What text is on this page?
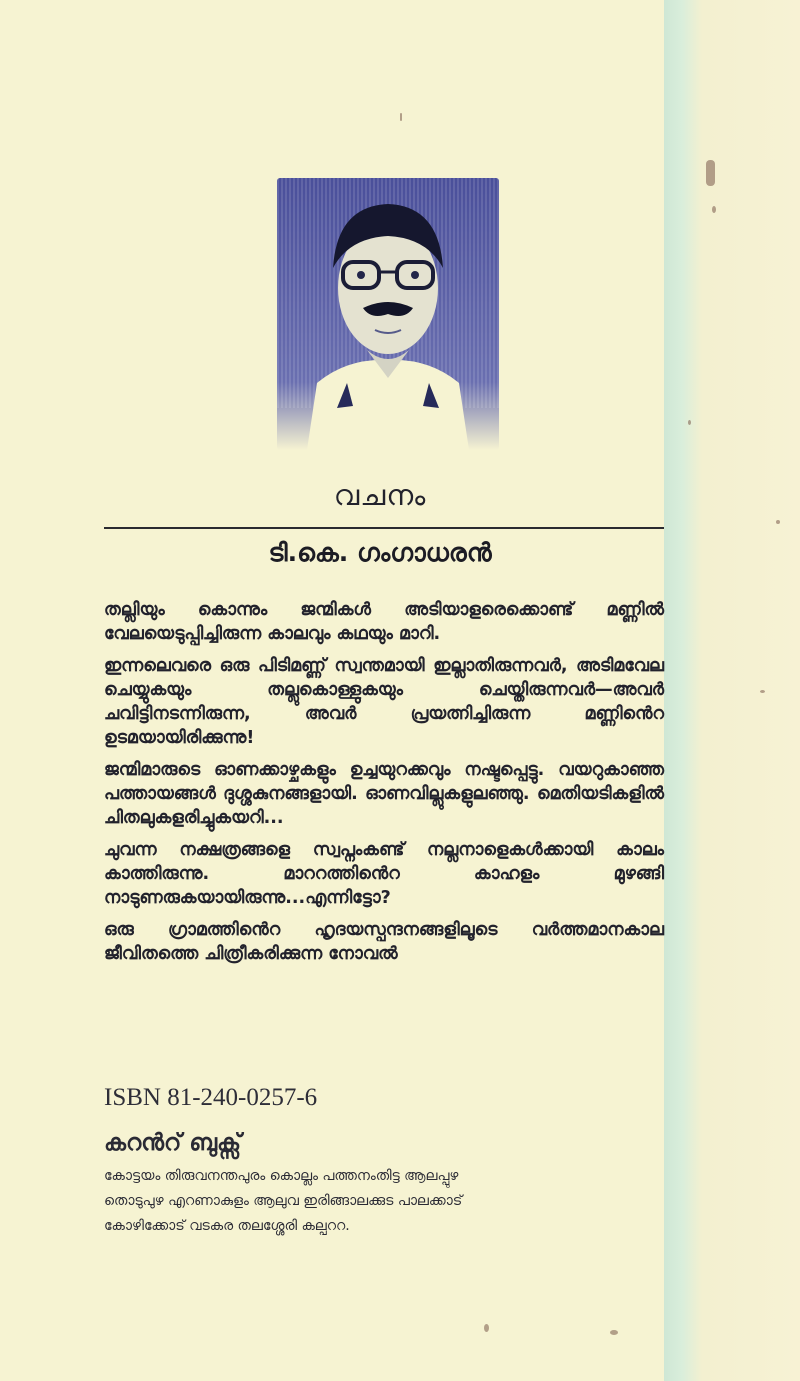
വചനം
ടി.കെ. ഗംഗാധരൻ

തല്ലിയും കൊന്നും ജന്മികൾ അടിയാളരെക്കൊണ്ട് മണ്ണിൽ വേലയെടുപ്പിച്ചിരുന്ന കാലവും കഥയും മാറി.

ഇന്നലെവരെ ഒരു പിടിമണ്ണ് സ്വന്തമായി ഇല്ലാതിരുന്നവർ, അടിമവേല ചെയ്യുകയും തല്ലുകൊള്ളുകയും ചെയ്തിരുന്നവർ—അവർ ചവിട്ടിനടന്നിരുന്ന, അവർ പ്രയത്നിച്ചിരുന്ന മണ്ണിൻെറ ഉടമയായിരിക്കുന്നു!

ജന്മിമാരുടെ ഓണക്കാഴ്ചകളും ഉച്ചയുറക്കവും നഷ്ടപ്പെട്ടു. വയറുകാഞ്ഞ പത്തായങ്ങൾ ദുശ്ശകുനങ്ങളായി. ഓണവില്ലുകളുലഞ്ഞു. മെതിയടികളിൽ ചിതലുകളരിച്ചുകയറി...

ചുവന്ന നക്ഷത്രങ്ങളെ സ്വപ്നംകണ്ട് നല്ലനാളെകൾക്കായി കാലം കാത്തിരുന്നു. മാററത്തിൻെറ കാഹളം മുഴങ്ങി നാടുണരുകയായിരുന്നു...എന്നിട്ടോ?

ഒരു ഗ്രാമത്തിൻെറ ഹൃദയസ്പന്ദനങ്ങളിലൂടെ വർത്തമാനകാല ജീവിതത്തെ ചിത്രീകരിക്കുന്ന നോവൽ

ISBN 81-240-0257-6
കറൻറ് ബുക്സ്
കോട്ടയം തിരുവനന്തപുരം കൊല്ലം പത്തനംതിട്ട ആലപ്പുഴ
തൊടുപുഴ എറണാകുളം ആലുവ ഇരിങ്ങാലക്കുട പാലക്കാട്
കോഴിക്കോട് വടകര തലശ്ശേരി കല്പററ.
